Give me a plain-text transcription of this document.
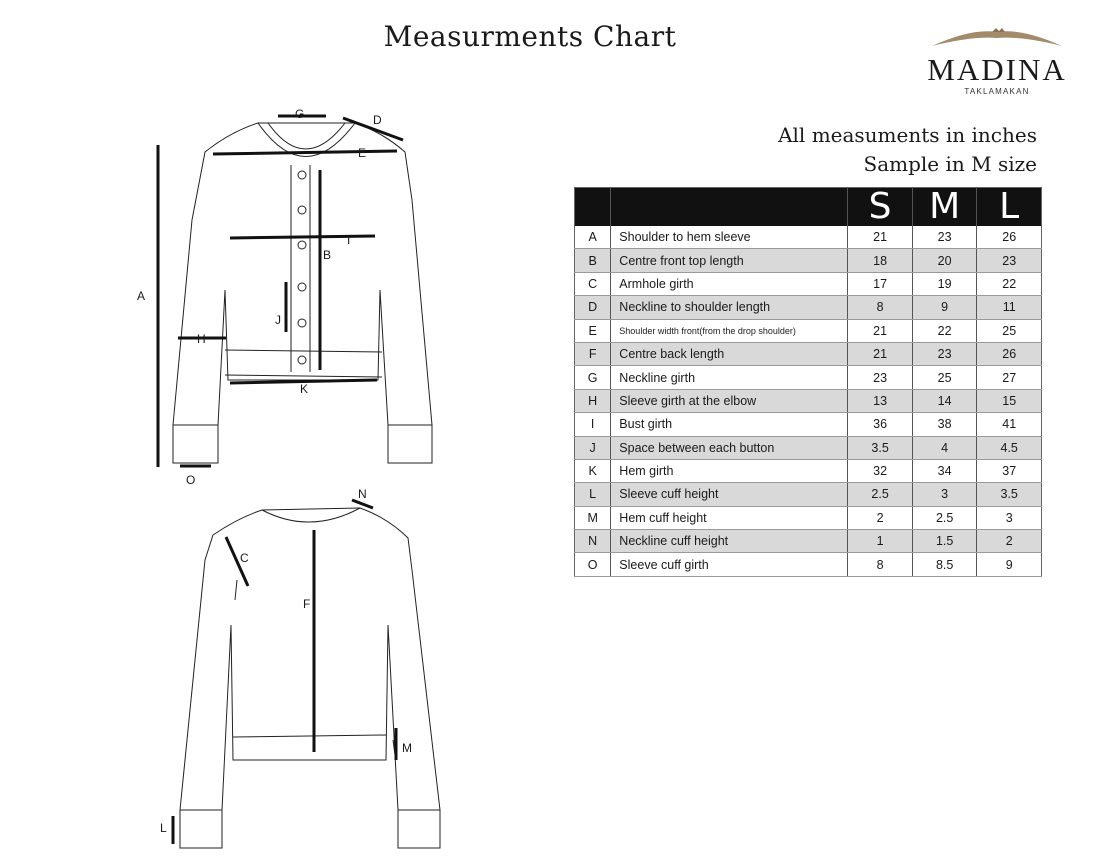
Measurments Chart
MADINA
TAKLAMAKAN
All measuments in inches
Sample in M size
A
B
D
E
G
H
I
J
K
O
C
F
N
M
L
		S	M	L
A	Shoulder to hem sleeve	21	23	26
B	Centre front top length	18	20	23
C	Armhole girth	17	19	22
D	Neckline to shoulder length	8	9	11
E	Shoulder width front(from the drop shoulder)	21	22	25
F	Centre back length	21	23	26
G	Neckline girth	23	25	27
H	Sleeve girth at the elbow	13	14	15
I	Bust girth	36	38	41
J	Space between each button	3.5	4	4.5
K	Hem girth	32	34	37
L	Sleeve cuff height	2.5	3	3.5
M	Hem cuff height	2	2.5	3
N	Neckline cuff height	1	1.5	2
O	Sleeve cuff girth	8	8.5	9
